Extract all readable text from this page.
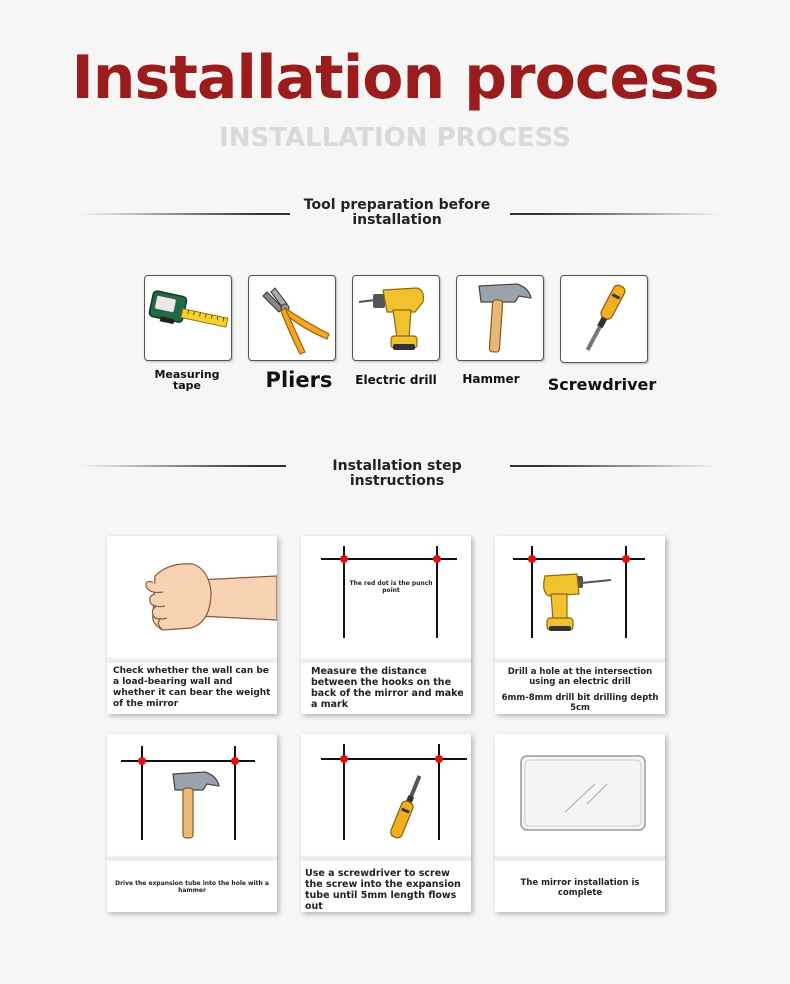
Installation process
INSTALLATION PROCESS
Tool preparation before
installation
Measuring
tape	Pliers	Electric drill	Hammer	Screwdriver
Installation step instructions
Check whether the wall can be a load-bearing wall and whether it can bear the weight of the mirror
The red dot is the punch point
Measure the distance between the hooks on the back of the mirror and make a mark
Drill a hole at the intersection using an electric drill
6mm-8mm drill bit drilling depth 5cm
Drive the expansion tube into the hole with a hammer
Use a screwdriver to screw the screw into the expansion tube until 5mm length flows out
The mirror installation is complete
